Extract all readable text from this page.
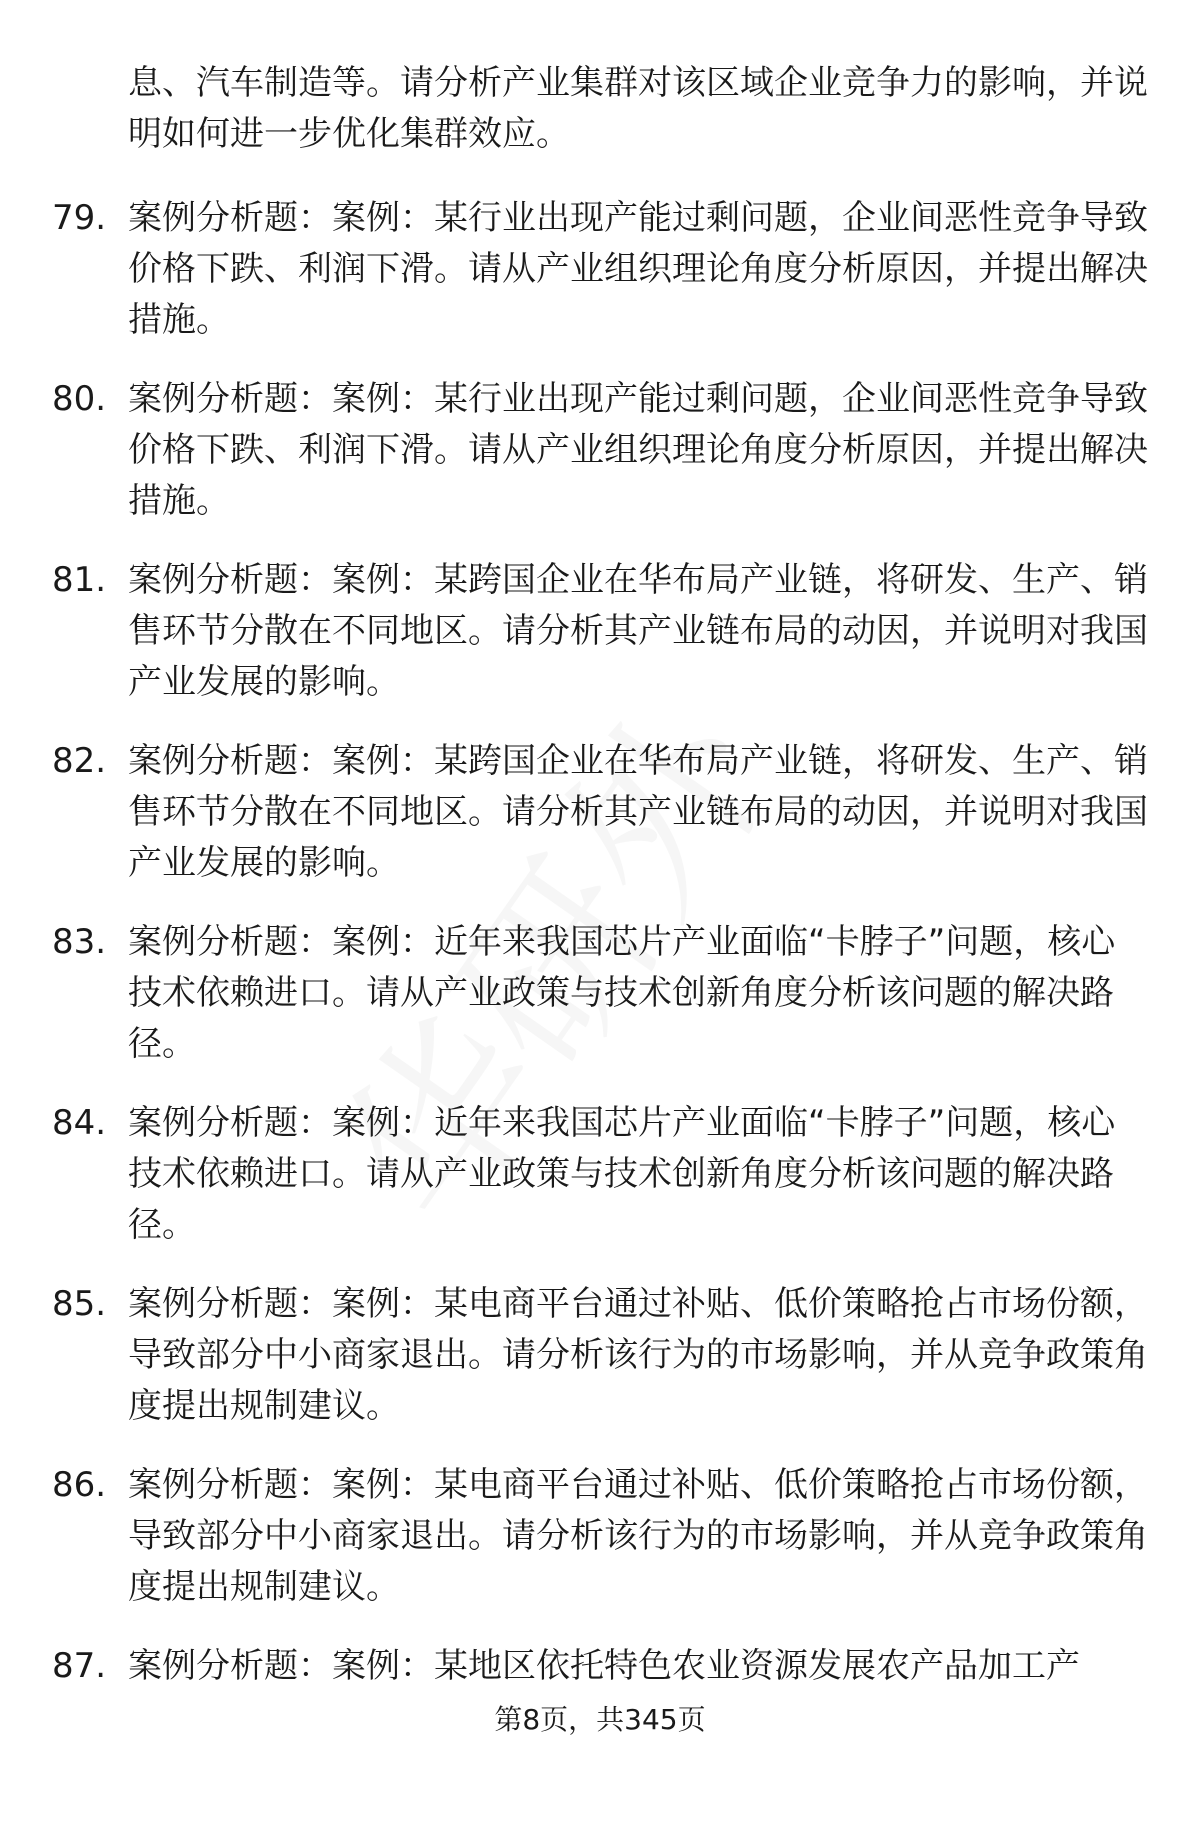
息、汽车制造等。请分析产业集群对该区域企业竞争力的影响，并说明如何进一步优化集群效应。
79. 案例分析题：案例：某行业出现产能过剩问题，企业间恶性竞争导致价格下跌、利润下滑。请从产业组织理论角度分析原因，并提出解决措施。
80. 案例分析题：案例：某行业出现产能过剩问题，企业间恶性竞争导致价格下跌、利润下滑。请从产业组织理论角度分析原因，并提出解决措施。
81. 案例分析题：案例：某跨国企业在华布局产业链，将研发、生产、销售环节分散在不同地区。请分析其产业链布局的动因，并说明对我国产业发展的影响。
82. 案例分析题：案例：某跨国企业在华布局产业链，将研发、生产、销售环节分散在不同地区。请分析其产业链布局的动因，并说明对我国产业发展的影响。
83. 案例分析题：案例：近年来我国芯片产业面临“卡脖子”问题，核心技术依赖进口。请从产业政策与技术创新角度分析该问题的解决路径。
84. 案例分析题：案例：近年来我国芯片产业面临“卡脖子”问题，核心技术依赖进口。请从产业政策与技术创新角度分析该问题的解决路径。
85. 案例分析题：案例：某电商平台通过补贴、低价策略抢占市场份额，导致部分中小商家退出。请分析该行为的市场影响，并从竞争政策角度提出规制建议。
86. 案例分析题：案例：某电商平台通过补贴、低价策略抢占市场份额，导致部分中小商家退出。请分析该行为的市场影响，并从竞争政策角度提出规制建议。
87. 案例分析题：案例：某地区依托特色农业资源发展农产品加工产
第8页，共345页
